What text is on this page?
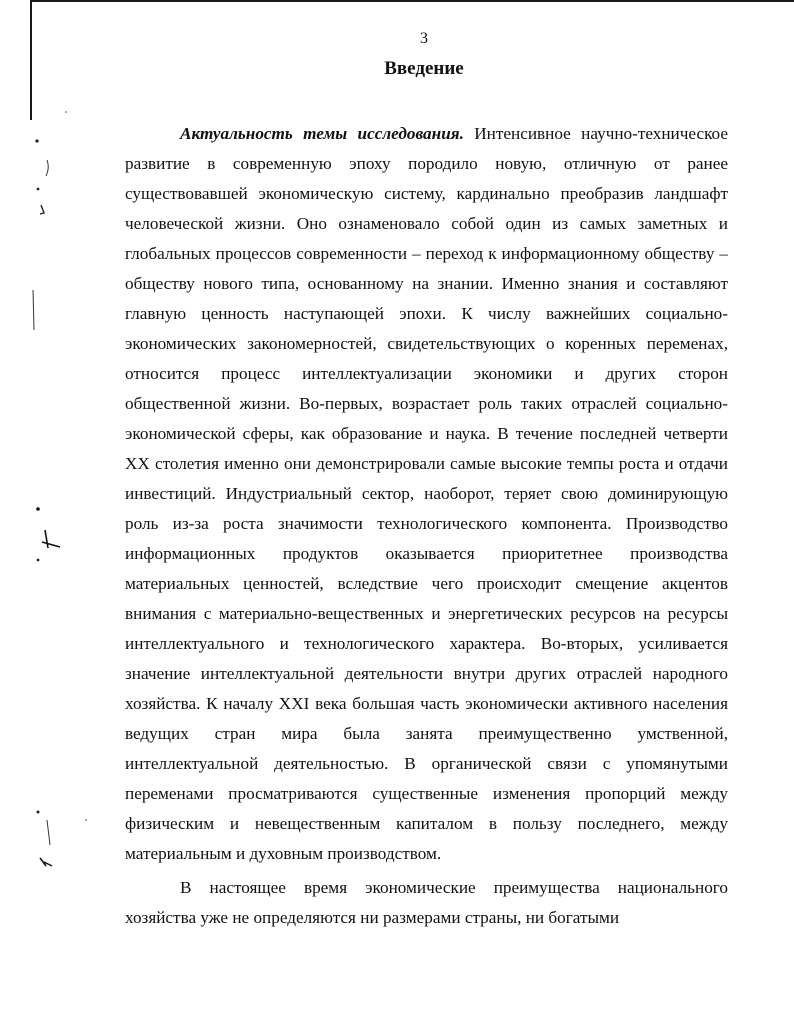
3
Введение

Актуальность темы исследования. Интенсивное научно-техническое развитие в современную эпоху породило новую, отличную от ранее существовавшей экономическую систему, кардинально преобразив ландшафт человеческой жизни. Оно ознаменовало собой один из самых заметных и глобальных процессов современности – переход к информационному обществу – обществу нового типа, основанному на знании. Именно знания и составляют главную ценность наступающей эпохи. К числу важнейших социально-экономических закономерностей, свидетельствующих о коренных переменах, относится процесс интеллектуализации экономики и других сторон общественной жизни. Во-первых, возрастает роль таких отраслей социально-экономической сферы, как образование и наука. В течение последней четверти XX столетия именно они демонстрировали самые высокие темпы роста и отдачи инвестиций. Индустриальный сектор, наоборот, теряет свою доминирующую роль из-за роста значимости технологического компонента. Производство информационных продуктов оказывается приоритетнее производства материальных ценностей, вследствие чего происходит смещение акцентов внимания с материально-вещественных и энергетических ресурсов на ресурсы интеллектуального и технологического характера. Во-вторых, усиливается значение интеллектуальной деятельности внутри других отраслей народного хозяйства. К началу XXI века большая часть экономически активного населения ведущих стран мира была занята преимущественно умственной, интеллектуальной деятельностью. В органической связи с упомянутыми переменами просматриваются существенные изменения пропорций между физическим и невещественным капиталом в пользу последнего, между материальным и духовным производством.

В настоящее время экономические преимущества национального хозяйства уже не определяются ни размерами страны, ни богатыми
